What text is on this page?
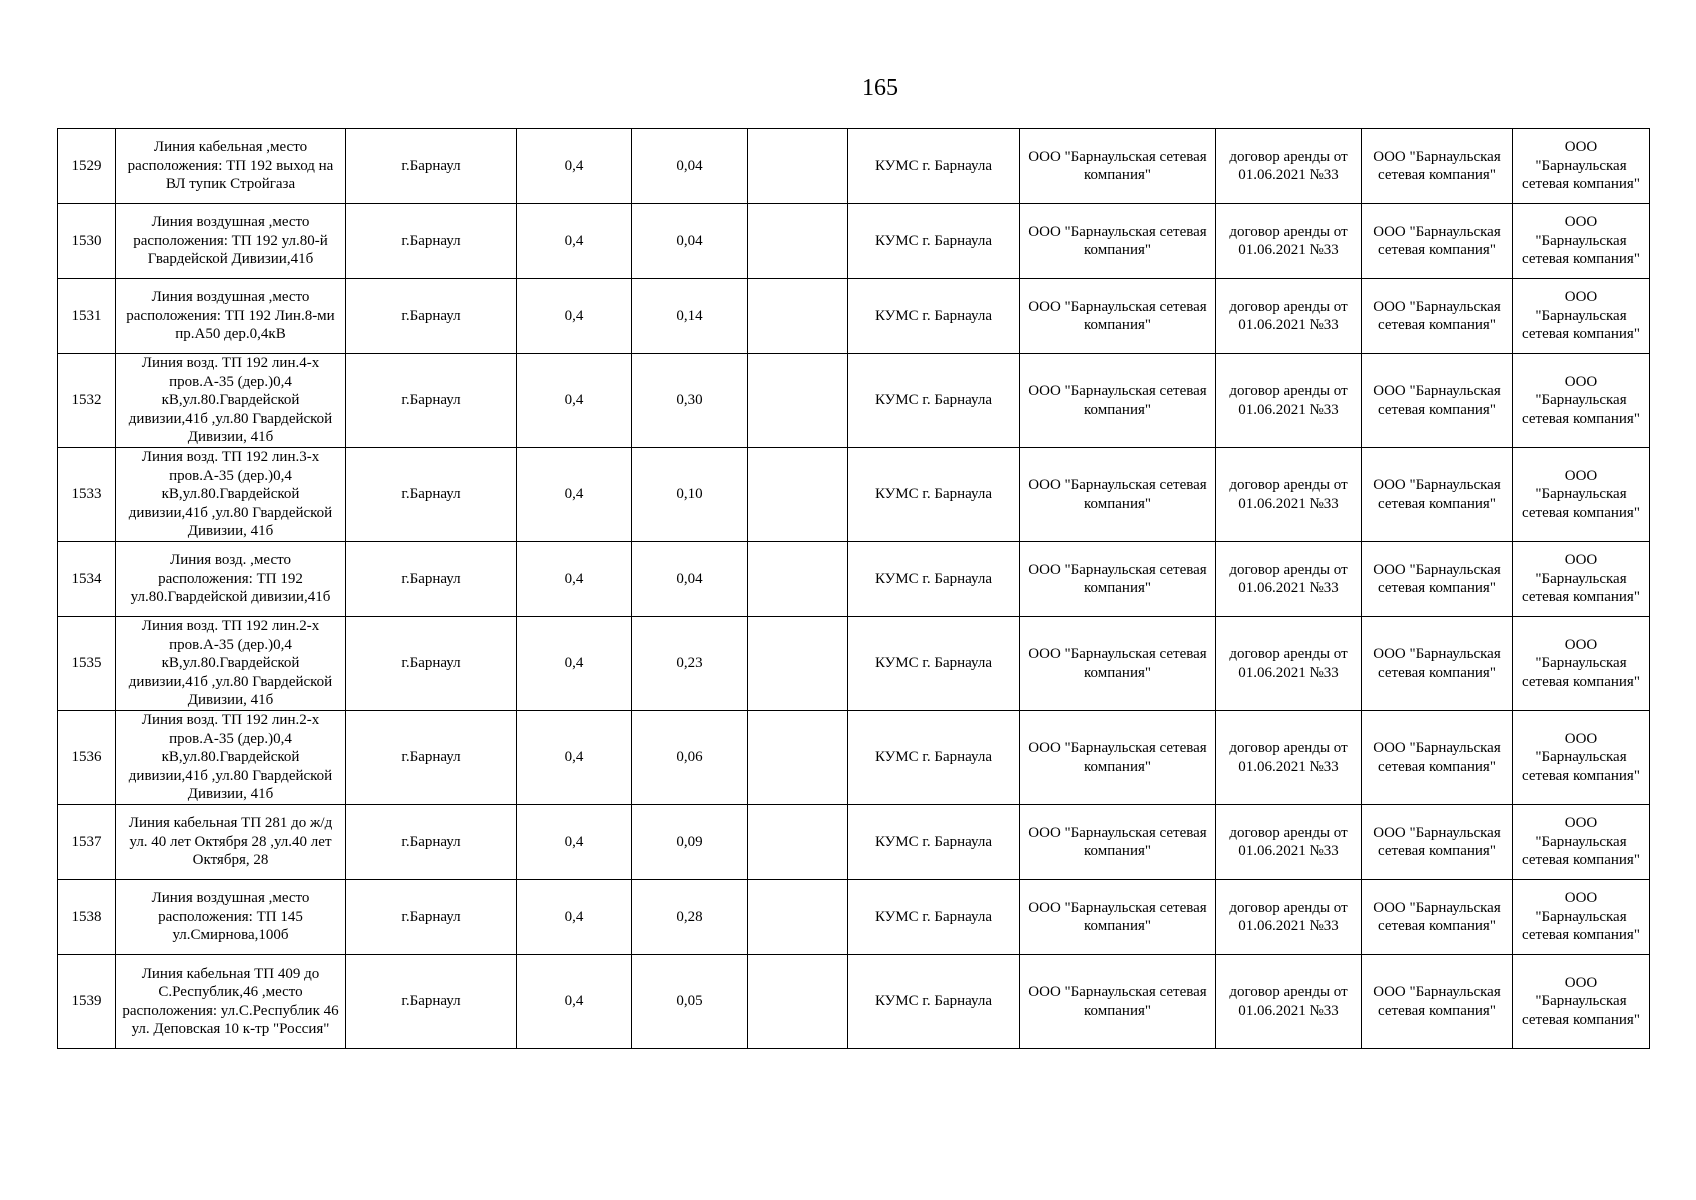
165
1529	Линия кабельная ,место расположения: ТП 192 выход на ВЛ тупик Стройгаза	г.Барнаул	0,4	0,04		КУМС г. Барнаула	ООО "Барнаульская сетевая компания"	договор аренды от 01.06.2021 №33	ООО "Барнаульская сетевая компания"	ООО "Барнаульская сетевая компания"
1530	Линия воздушная ,место расположения: ТП 192 ул.80-й Гвардейской Дивизии,41б	г.Барнаул	0,4	0,04		КУМС г. Барнаула	ООО "Барнаульская сетевая компания"	договор аренды от 01.06.2021 №33	ООО "Барнаульская сетевая компания"	ООО "Барнаульская сетевая компания"
1531	Линия воздушная ,место расположения: ТП 192 Лин.8-ми пр.А50 дер.0,4кВ	г.Барнаул	0,4	0,14		КУМС г. Барнаула	ООО "Барнаульская сетевая компания"	договор аренды от 01.06.2021 №33	ООО "Барнаульская сетевая компания"	ООО "Барнаульская сетевая компания"
1532	Линия возд. ТП 192 лин.4-х пров.А-35 (дер.)0,4 кВ,ул.80.Гвардейской дивизии,41б ,ул.80 Гвардейской Дивизии, 41б	г.Барнаул	0,4	0,30		КУМС г. Барнаула	ООО "Барнаульская сетевая компания"	договор аренды от 01.06.2021 №33	ООО "Барнаульская сетевая компания"	ООО "Барнаульская сетевая компания"
1533	Линия возд. ТП 192 лин.3-х пров.А-35 (дер.)0,4 кВ,ул.80.Гвардейской дивизии,41б ,ул.80 Гвардейской Дивизии, 41б	г.Барнаул	0,4	0,10		КУМС г. Барнаула	ООО "Барнаульская сетевая компания"	договор аренды от 01.06.2021 №33	ООО "Барнаульская сетевая компания"	ООО "Барнаульская сетевая компания"
1534	Линия возд. ,место расположения: ТП 192 ул.80.Гвардейской дивизии,41б	г.Барнаул	0,4	0,04		КУМС г. Барнаула	ООО "Барнаульская сетевая компания"	договор аренды от 01.06.2021 №33	ООО "Барнаульская сетевая компания"	ООО "Барнаульская сетевая компания"
1535	Линия возд. ТП 192 лин.2-х пров.А-35 (дер.)0,4 кВ,ул.80.Гвардейской дивизии,41б ,ул.80 Гвардейской Дивизии, 41б	г.Барнаул	0,4	0,23		КУМС г. Барнаула	ООО "Барнаульская сетевая компания"	договор аренды от 01.06.2021 №33	ООО "Барнаульская сетевая компания"	ООО "Барнаульская сетевая компания"
1536	Линия возд. ТП 192 лин.2-х пров.А-35 (дер.)0,4 кВ,ул.80.Гвардейской дивизии,41б ,ул.80 Гвардейской Дивизии, 41б	г.Барнаул	0,4	0,06		КУМС г. Барнаула	ООО "Барнаульская сетевая компания"	договор аренды от 01.06.2021 №33	ООО "Барнаульская сетевая компания"	ООО "Барнаульская сетевая компания"
1537	Линия кабельная ТП 281 до ж/д ул. 40 лет Октября 28 ,ул.40 лет Октября, 28	г.Барнаул	0,4	0,09		КУМС г. Барнаула	ООО "Барнаульская сетевая компания"	договор аренды от 01.06.2021 №33	ООО "Барнаульская сетевая компания"	ООО "Барнаульская сетевая компания"
1538	Линия воздушная ,место расположения: ТП 145 ул.Смирнова,100б	г.Барнаул	0,4	0,28		КУМС г. Барнаула	ООО "Барнаульская сетевая компания"	договор аренды от 01.06.2021 №33	ООО "Барнаульская сетевая компания"	ООО "Барнаульская сетевая компания"
1539	Линия кабельная ТП 409 до С.Республик,46 ,место расположения: ул.С.Республик 46 ул. Деповская 10 к-тр "Россия"	г.Барнаул	0,4	0,05		КУМС г. Барнаула	ООО "Барнаульская сетевая компания"	договор аренды от 01.06.2021 №33	ООО "Барнаульская сетевая компания"	ООО "Барнаульская сетевая компания"
